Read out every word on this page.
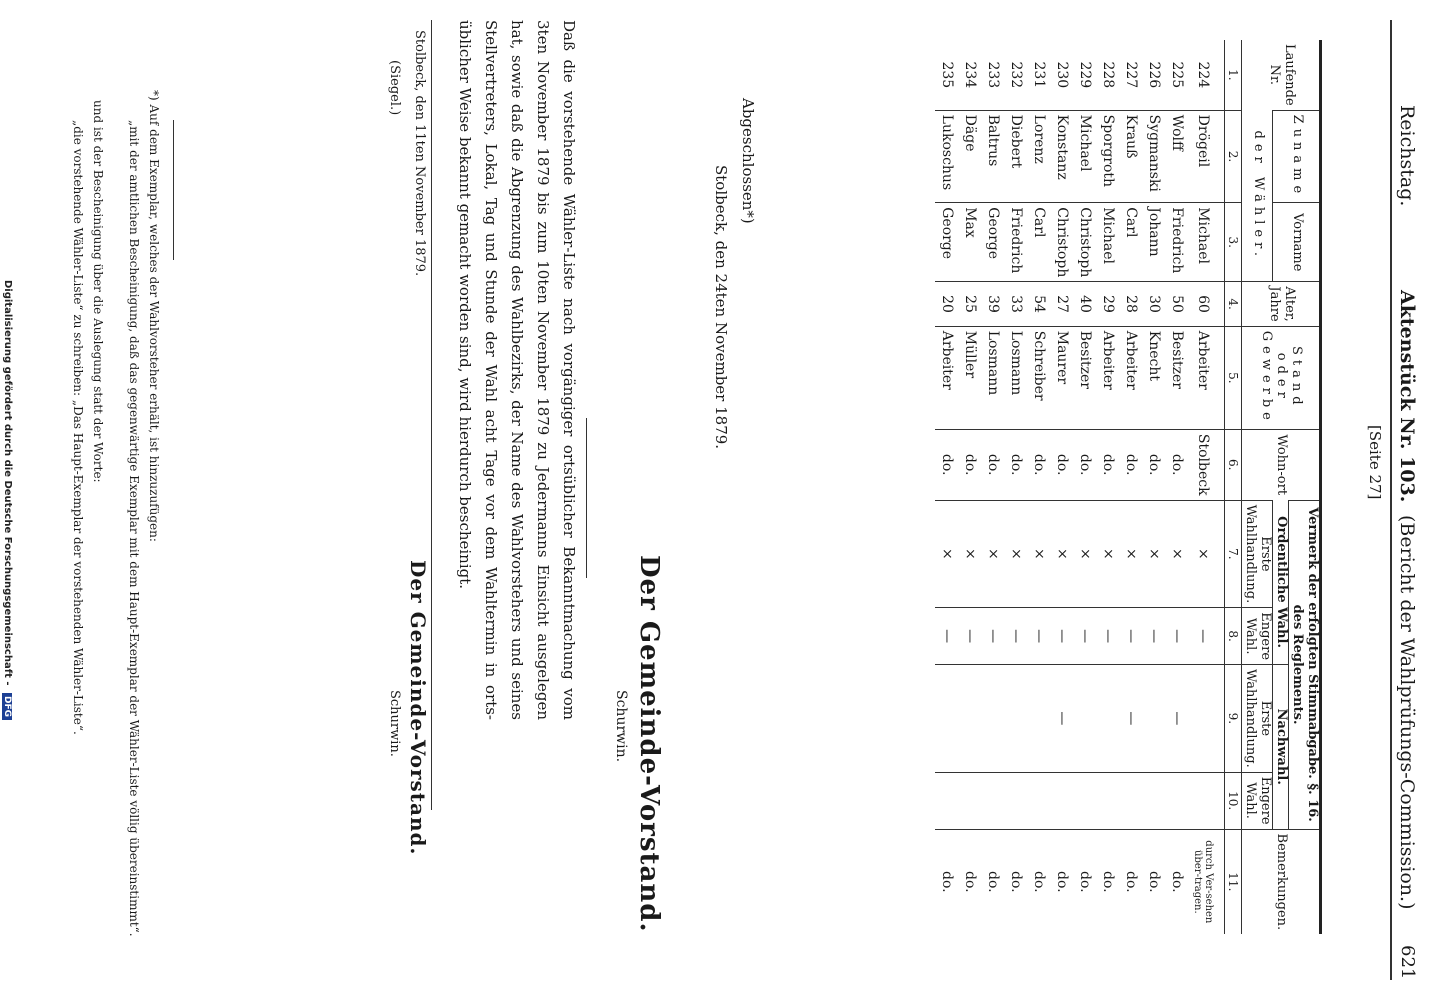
Reichstag.
Aktenstück Nr. 103.
(Bericht der Wahlprüfungs-Commission.)
621
[Seite 27]
Laufende Nr.	Zuname	Vorname	Alter, Jahre	Stand oder Gewerbe	Wohn-ort	Vermerk der erfolgten Stimmabgabe. §. 16. des Reglements.				Bemerkungen.
						Ordentliche Wahl.		Nachwahl.		
	der Wähler.					Erste Wahlhandlung.	Engere Wahl.	Erste Wahlhandlung.	Engere Wahl.	
1.	2.	3.	4.	5.	6.	7.	8.	9.	10.	11.
224	Drögeil	Michael	60	Arbeiter	Stolbeck	×	—			durch Ver-sehen über-tragen.
225	Wolff	Friedrich	50	Besitzer	do.	×	—	—		do.
226	Sygmanski	Johann	30	Knecht	do.	×	—			do.
227	Krauß	Carl	28	Arbeiter	do.	×	—	—		do.
228	Sporgroth	Michael	29	Arbeiter	do.	×	—			do.
229	Michael	Christoph	40	Besitzer	do.	×	—			do.
230	Konstanz	Christoph	27	Maurer	do.	×	—	—		do.
231	Lorenz	Carl	54	Schreiber	do.	×	—			do.
232	Diebert	Friedrich	33	Losmann	do.	×	—			do.
233	Baltrus	George	39	Losmann	do.	×	—			do.
234	Däge	Max	25	Müller	do.	×	—			do.
235	Lukoschus	George	20	Arbeiter	do.	×	—			do.
Abgeschlossen*)
Stolbeck, den 24ten November 1879.
Der Gemeinde-Vorstand.
Schurwin.
Daß die vorstehende Wähler-Liste nach vorgängiger ortsüblicher Bekanntmachung vom 3ten November 1879 bis zum 10ten November 1879 zu Jedermanns Einsicht ausgelegen hat, sowie daß die Abgrenzung des Wahlbezirks, der Name des Wahlvorstehers und seines Stellvertreters, Lokal, Tag und Stunde der Wahl acht Tage vor dem Wahltermin in orts-üblicher Weise bekannt gemacht worden sind, wird hierdurch bescheinigt.
Stolbeck, den 11ten November 1879.
Der Gemeinde-Vorstand.
(Siegel.)
Schurwin.
*) Auf dem Exemplar, welches der Wahlvorsteher erhält, ist hinzuzufügen:
„mit der amtlichen Bescheinigung, daß das gegenwärtige Exemplar mit dem Haupt-Exemplar der Wähler-Liste völlig übereinstimmt“.
und ist der Bescheinigung über die Auslegung statt der Worte:
„die vorstehende Wähler-Liste“ zu schreiben: „Das Haupt-Exemplar der vorstehenden Wähler-Liste“.
Digitalisierung gefördert durch die Deutsche Forschungsgemeinschaft - DFG
